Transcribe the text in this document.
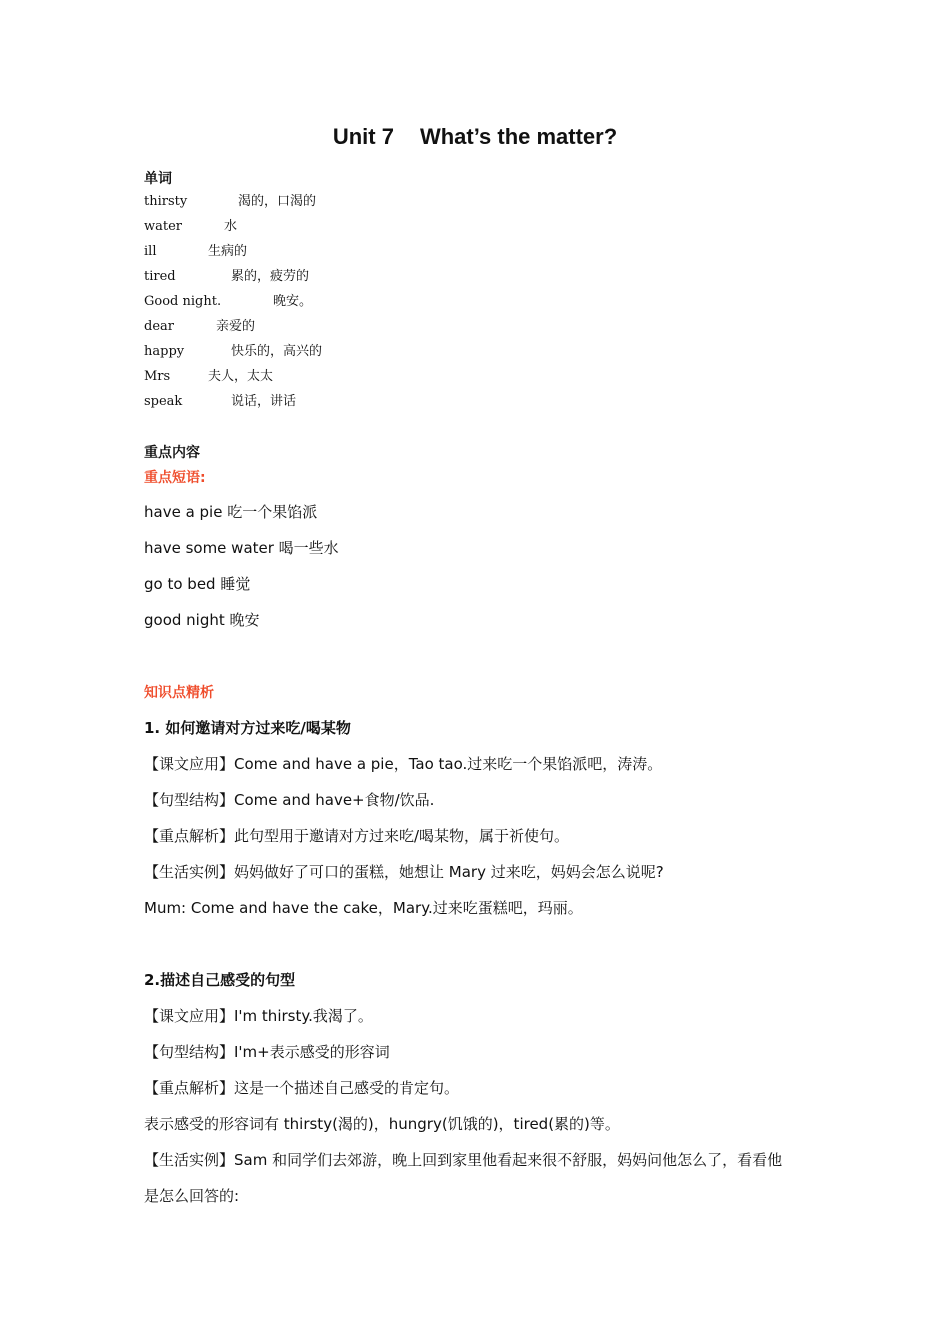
Unit 7 What’s the matter?
单词
thirsty	渴的，口渴的
water	水
ill	生病的
tired	累的，疲劳的
Good night.	晚安。
dear	亲爱的
happy	快乐的，高兴的
Mrs	夫人，太太
speak	说话，讲话
重点内容
重点短语:
have a pie 吃一个果馅派
have some water 喝一些水
go to bed 睡觉
good night 晚安
知识点精析
1. 如何邀请对方过来吃/喝某物
【课文应用】Come and have a pie，Tao tao.过来吃一个果馅派吧，涛涛。
【句型结构】Come and have+食物/饮品.
【重点解析】此句型用于邀请对方过来吃/喝某物，属于祈使句。
【生活实例】妈妈做好了可口的蛋糕，她想让 Mary 过来吃，妈妈会怎么说呢?
Mum: Come and have the cake，Mary.过来吃蛋糕吧，玛丽。
2.描述自己感受的句型
【课文应用】I'm thirsty.我渴了。
【句型结构】I'm+表示感受的形容词
【重点解析】这是一个描述自己感受的肯定句。
表示感受的形容词有 thirsty(渴的)，hungry(饥饿的)，tired(累的)等。
【生活实例】Sam 和同学们去郊游，晚上回到家里他看起来很不舒服，妈妈问他怎么了，看看他
是怎么回答的:
